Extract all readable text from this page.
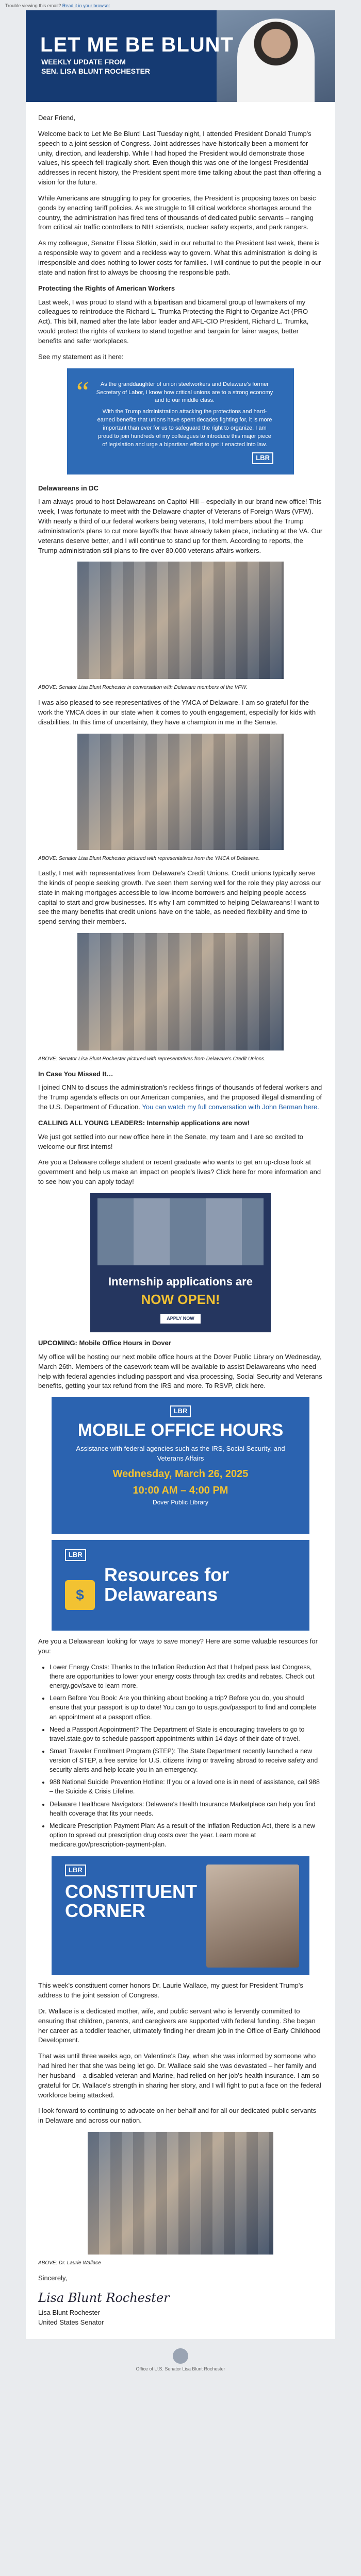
Trouble viewing this email? Read it in your browser
LET ME BE BLUNT
WEEKLY UPDATE FROM
SEN. LISA BLUNT ROCHESTER

Dear Friend,

Welcome back to Let Me Be Blunt! Last Tuesday night, I attended President Donald Trump's speech to a joint session of Congress. Joint addresses have historically been a moment for unity, direction, and leadership. While I had hoped the President would demonstrate those values, his speech fell tragically short. Even though this was one of the longest Presidential addresses in recent history, the President spent more time talking about the past than offering a vision for the future.

While Americans are struggling to pay for groceries, the President is proposing taxes on basic goods by enacting tariff policies. As we struggle to fill critical workforce shortages around the country, the administration has fired tens of thousands of dedicated public servants – ranging from critical air traffic controllers to NIH scientists, nuclear safety experts, and park rangers.

As my colleague, Senator Elissa Slotkin, said in our rebuttal to the President last week, there is a responsible way to govern and a reckless way to govern. What this administration is doing is irresponsible and does nothing to lower costs for families. I will continue to put the people in our state and nation first to always be choosing the responsible path.

Protecting the Rights of American Workers

Last week, I was proud to stand with a bipartisan and bicameral group of lawmakers of my colleagues to reintroduce the Richard L. Trumka Protecting the Right to Organize Act (PRO Act). This bill, named after the late labor leader and AFL-CIO President, Richard L. Trumka, would protect the rights of workers to stand together and bargain for fairer wages, better benefits and safer workplaces.

See my statement as it here:

“	As the granddaughter of union steelworkers and Delaware's former Secretary of Labor, I know how critical unions are to a strong economy and to our middle class.

With the Trump administration attacking the protections and hard-earned benefits that unions have spent decades fighting for, it is more important than ever for us to safeguard the right to organize. I am proud to join hundreds of my colleagues to introduce this major piece of legislation and urge a bipartisan effort to get it enacted into law.

LBR
Delawareans in DC

I am always proud to host Delawareans on Capitol Hill – especially in our brand new office! This week, I was fortunate to meet with the Delaware chapter of Veterans of Foreign Wars (VFW). With nearly a third of our federal workers being veterans, I told members about the Trump administration's plans to cut more layoffs that have already taken place, including at the VA. Our veterans deserve better, and I will continue to stand up for them. According to reports, the Trump administration still plans to fire over 80,000 veterans affairs workers.

ABOVE: Senator Lisa Blunt Rochester in conversation with Delaware members of the VFW.

I was also pleased to see representatives of the YMCA of Delaware. I am so grateful for the work the YMCA does in our state when it comes to youth engagement, especially for kids with disabilities. In this time of uncertainty, they have a champion in me in the Senate.

ABOVE: Senator Lisa Blunt Rochester pictured with representatives from the YMCA of Delaware.

Lastly, I met with representatives from Delaware's Credit Unions. Credit unions typically serve the kinds of people seeking growth. I've seen them serving well for the role they play across our state in making mortgages accessible to low-income borrowers and helping people access capital to start and grow businesses. It's why I am committed to helping Delawareans! I want to see the many benefits that credit unions have on the table, as needed flexibility and time to spend serving their members.

ABOVE: Senator Lisa Blunt Rochester pictured with representatives from Delaware's Credit Unions.

In Case You Missed It…

I joined CNN to discuss the administration's reckless firings of thousands of federal workers and the Trump agenda's effects on our American companies, and the proposed illegal dismantling of the U.S. Department of Education. You can watch my full conversation with John Berman here.

CALLING ALL YOUNG LEADERS: Internship applications are now!

We just got settled into our new office here in the Senate, my team and I are so excited to welcome our first interns!

Are you a Delaware college student or recent graduate who wants to get an up-close look at government and help us make an impact on people's lives? Click here for more information and to see how you can apply today!

Internship applications are
NOW OPEN!
APPLY NOW
UPCOMING: Mobile Office Hours in Dover

My office will be hosting our next mobile office hours at the Dover Public Library on Wednesday, March 26th. Members of the casework team will be available to assist Delawareans who need help with federal agencies including passport and visa processing, Social Security and Veterans benefits, getting your tax refund from the IRS and more. To RSVP, click here.

LBR
MOBILE OFFICE HOURS
Assistance with federal agencies such as the IRS, Social Security, and Veterans Affairs
Wednesday, March 26, 2025
10:00 AM – 4:00 PM
Dover Public Library
LBR
$
Resources for Delawareans

Are you a Delawarean looking for ways to save money? Here are some valuable resources for you:

• Lower Energy Costs: Thanks to the Inflation Reduction Act that I helped pass last Congress, there are opportunities to lower your energy costs through tax credits and rebates. Check out energy.gov/save to learn more.
• Learn Before You Book: Are you thinking about booking a trip? Before you do, you should ensure that your passport is up to date! You can go to usps.gov/passport to find and complete an appointment at a passport office.
• Need a Passport Appointment? The Department of State is encouraging travelers to go to travel.state.gov to schedule passport appointments within 14 days of their date of travel.
• Smart Traveler Enrollment Program (STEP): The State Department recently launched a new version of STEP, a free service for U.S. citizens living or traveling abroad to receive safety and security alerts and help locate you in an emergency.
• 988 National Suicide Prevention Hotline: If you or a loved one is in need of assistance, call 988 – the Suicide & Crisis Lifeline.
• Delaware Healthcare Navigators: Delaware's Health Insurance Marketplace can help you find health coverage that fits your needs.
• Medicare Prescription Payment Plan: As a result of the Inflation Reduction Act, there is a new option to spread out prescription drug costs over the year. Learn more at medicare.gov/prescription-payment-plan.
LBR
CONSTITUENT CORNER

This week's constituent corner honors Dr. Laurie Wallace, my guest for President Trump's address to the joint session of Congress.

Dr. Wallace is a dedicated mother, wife, and public servant who is fervently committed to ensuring that children, parents, and caregivers are supported with federal funding. She began her career as a toddler teacher, ultimately finding her dream job in the Office of Early Childhood Development.

That was until three weeks ago, on Valentine's Day, when she was informed by someone who had hired her that she was being let go. Dr. Wallace said she was devastated – her family and her husband – a disabled veteran and Marine, had relied on her job's health insurance. I am so grateful for Dr. Wallace's strength in sharing her story, and I will fight to put a face on the federal workforce being attacked.

I look forward to continuing to advocate on her behalf and for all our dedicated public servants in Delaware and across our nation.

ABOVE: Dr. Laurie Wallace

Sincerely,

Lisa Blunt Rochester
Lisa Blunt Rochester
United States Senator
Office of U.S. Senator Lisa Blunt Rochester
